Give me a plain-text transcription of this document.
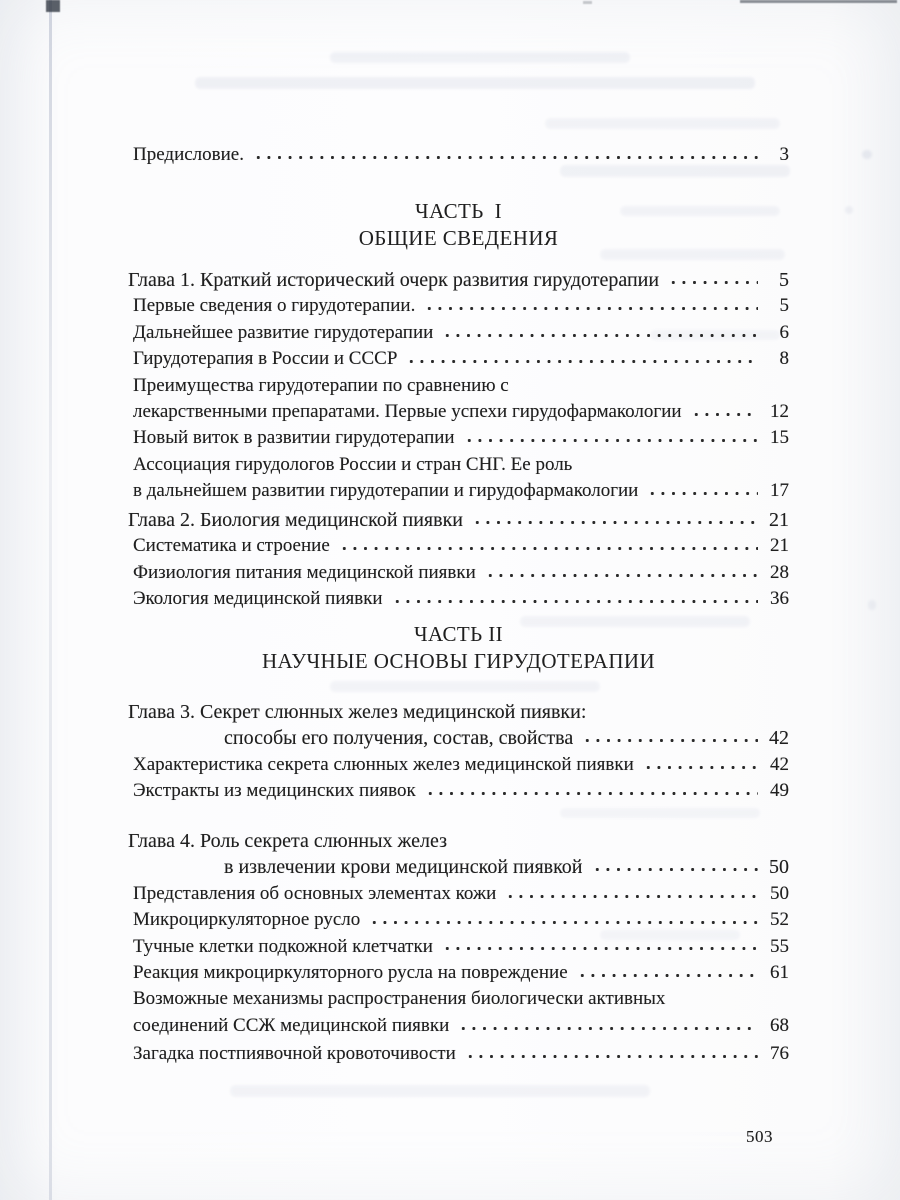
Предисловие.	3
ЧАСТЬ I
ОБЩИЕ СВЕДЕНИЯ
Глава 1. Краткий исторический очерк развития гирудотерапии	5
Первые сведения о гирудотерапии.	5
Дальнейшее развитие гирудотерапии	6
Гирудотерапия в России и СССР	8
Преимущества гирудотерапии по сравнению с
лекарственными препаратами. Первые успехи гирудофармакологии	12
Новый виток в развитии гирудотерапии	15
Ассоциация гирудологов России и стран СНГ. Ее роль
в дальнейшем развитии гирудотерапии и гирудофармакологии	17
Глава 2. Биология медицинской пиявки	21
Систематика и строение	21
Физиология питания медицинской пиявки	28
Экология медицинской пиявки	36
ЧАСТЬ II
НАУЧНЫЕ ОСНОВЫ ГИРУДОТЕРАПИИ
Глава 3. Секрет слюнных желез медицинской пиявки:
способы его получения, состав, свойства	42
Характеристика секрета слюнных желез медицинской пиявки	42
Экстракты из медицинских пиявок	49
Глава 4. Роль секрета слюнных желез
в извлечении крови медицинской пиявкой	50
Представления об основных элементах кожи	50
Микроциркуляторное русло	52
Тучные клетки подкожной клетчатки	55
Реакция микроциркуляторного русла на повреждение	61
Возможные механизмы распространения биологически активных
соединений ССЖ медицинской пиявки	68
Загадка постпиявочной кровоточивости	76
503
